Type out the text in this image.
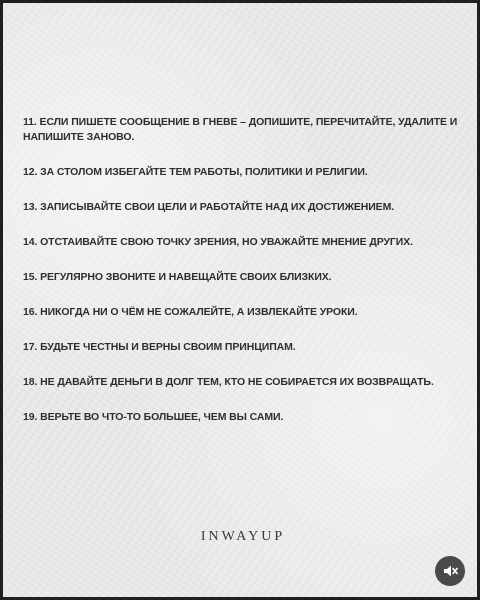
11. ЕСЛИ ПИШЕТЕ СООБЩЕНИЕ В ГНЕВЕ – ДОПИШИТЕ, ПЕРЕЧИТАЙТЕ, УДАЛИТЕ И НАПИШИТЕ ЗАНОВО.
12. ЗА СТОЛОМ ИЗБЕГАЙТЕ ТЕМ РАБОТЫ, ПОЛИТИКИ И РЕЛИГИИ.
13. ЗАПИСЫВАЙТЕ СВОИ ЦЕЛИ И РАБОТАЙТЕ НАД ИХ ДОСТИЖЕНИЕМ.
14. ОТСТАИВАЙТЕ СВОЮ ТОЧКУ ЗРЕНИЯ, НО УВАЖАЙТЕ МНЕНИЕ ДРУГИХ.
15. РЕГУЛЯРНО ЗВОНИТЕ И НАВЕЩАЙТЕ СВОИХ БЛИЗКИХ.
16. НИКОГДА НИ О ЧЁМ НЕ СОЖАЛЕЙТЕ, А ИЗВЛЕКАЙТЕ УРОКИ.
17. БУДЬТЕ ЧЕСТНЫ И ВЕРНЫ СВОИМ ПРИНЦИПАМ.
18. НЕ ДАВАЙТЕ ДЕНЬГИ В ДОЛГ ТЕМ, КТО НЕ СОБИРАЕТСЯ ИХ ВОЗВРАЩАТЬ.
19. ВЕРЬТЕ ВО ЧТО-ТО БОЛЬШЕЕ, ЧЕМ ВЫ САМИ.
INWAYUP
